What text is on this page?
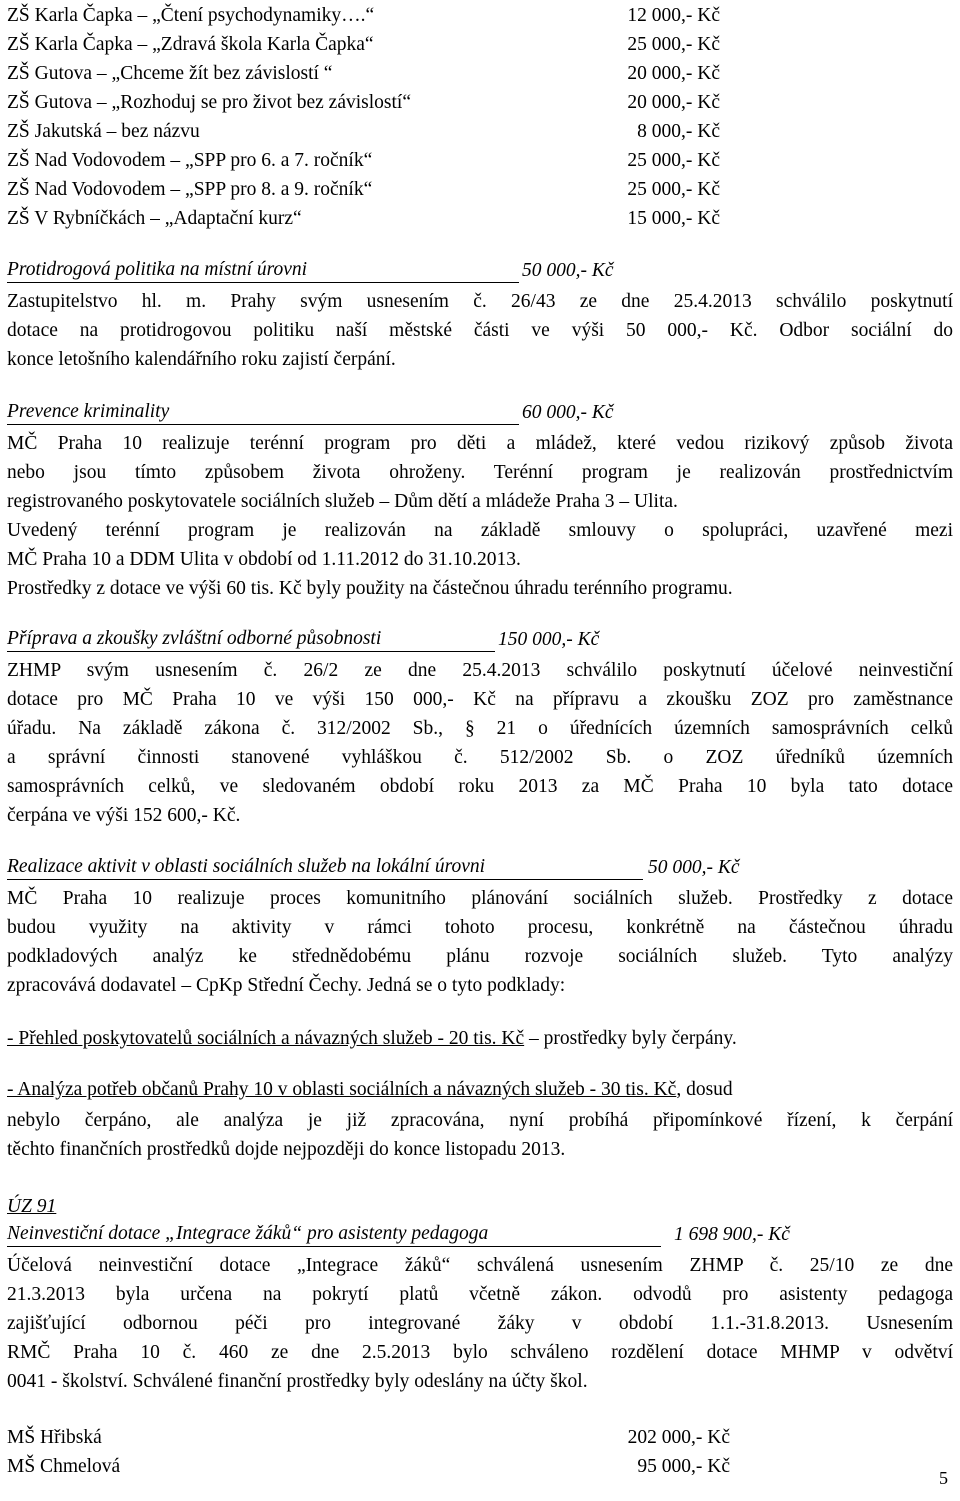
ZŠ Karla Čapka – „Čtení psychodynamiky….“	12 000,- Kč
ZŠ Karla Čapka – „Zdravá škola Karla Čapka“	25 000,- Kč
ZŠ Gutova – „Chceme žít bez závislostí “	20 000,- Kč
ZŠ Gutova – „Rozhoduj se pro život bez závislostí“	20 000,- Kč
ZŠ Jakutská – bez názvu	8 000,- Kč
ZŠ Nad Vodovodem – „SPP pro 6. a 7. ročník“	25 000,- Kč
ZŠ Nad Vodovodem – „SPP pro 8. a 9. ročník“	25 000,- Kč
ZŠ V Rybníčkách – „Adaptační kurz“	15 000,- Kč
Protidrogová politika na místní úrovni	50 000,- Kč
Zastupitelstvo hl. m. Prahy svým usnesením č. 26/43 ze dne 25.4.2013 schválilo poskytnutí
dotace na protidrogovou politiku naší městské části ve výši 50 000,- Kč. Odbor sociální do
konce letošního kalendářního roku zajistí čerpání.
Prevence kriminality	60 000,- Kč
MČ Praha 10 realizuje terénní program pro děti a mládež, které vedou rizikový způsob života
nebo jsou tímto způsobem života ohroženy. Terénní program je realizován prostřednictvím
registrovaného poskytovatele sociálních služeb – Dům dětí a mládeže Praha 3 – Ulita.
Uvedený terénní program je realizován na základě smlouvy o spolupráci, uzavřené mezi
MČ Praha 10 a DDM Ulita v období od 1.11.2012 do 31.10.2013.
Prostředky z dotace ve výši 60 tis. Kč byly použity na částečnou úhradu terénního programu.
Příprava a zkoušky zvláštní odborné působnosti	150 000,- Kč
ZHMP svým usnesením č. 26/2 ze dne 25.4.2013 schválilo poskytnutí účelové neinvestiční
dotace pro MČ Praha 10 ve výši 150 000,- Kč na přípravu a zkoušku ZOZ pro zaměstnance
úřadu. Na základě zákona č. 312/2002 Sb., § 21 o úřednících územních samosprávních celků
a správní činnosti stanovené vyhláškou č. 512/2002 Sb. o ZOZ úředníků územních
samosprávních celků, ve sledovaném období roku 2013 za MČ Praha 10 byla tato dotace
čerpána ve výši 152 600,- Kč.
Realizace aktivit v oblasti sociálních služeb na lokální úrovni	50 000,- Kč
MČ Praha 10 realizuje proces komunitního plánování sociálních služeb. Prostředky z dotace
budou využity na aktivity v rámci tohoto procesu, konkrétně na částečnou úhradu
podkladových analýz ke střednědobému plánu rozvoje sociálních služeb. Tyto analýzy
zpracovává dodavatel – CpKp Střední Čechy. Jedná se o tyto podklady:
- Přehled poskytovatelů sociálních a návazných služeb - 20 tis. Kč – prostředky byly čerpány.
- Analýza potřeb občanů Prahy 10 v oblasti sociálních a návazných služeb - 30 tis. Kč, dosud
nebylo čerpáno, ale analýza je již zpracována, nyní probíhá připomínkové řízení, k čerpání
těchto finančních prostředků dojde nejpozději do konce listopadu 2013.
ÚZ 91
Neinvestiční dotace „Integrace žáků“ pro asistenty pedagoga	1 698 900,- Kč
Účelová neinvestiční dotace „Integrace žáků“ schválená usnesením ZHMP č. 25/10 ze dne
21.3.2013 byla určena na pokrytí platů včetně zákon. odvodů pro asistenty pedagoga
zajišťující odbornou péči pro integrované žáky v období 1.1.-31.8.2013. Usnesením
RMČ Praha 10 č. 460 ze dne 2.5.2013 bylo schváleno rozdělení dotace MHMP v odvětví
0041 - školství. Schválené finanční prostředky byly odeslány na účty škol.
MŠ Hřibská	202 000,- Kč
MŠ Chmelová	95 000,- Kč
5
